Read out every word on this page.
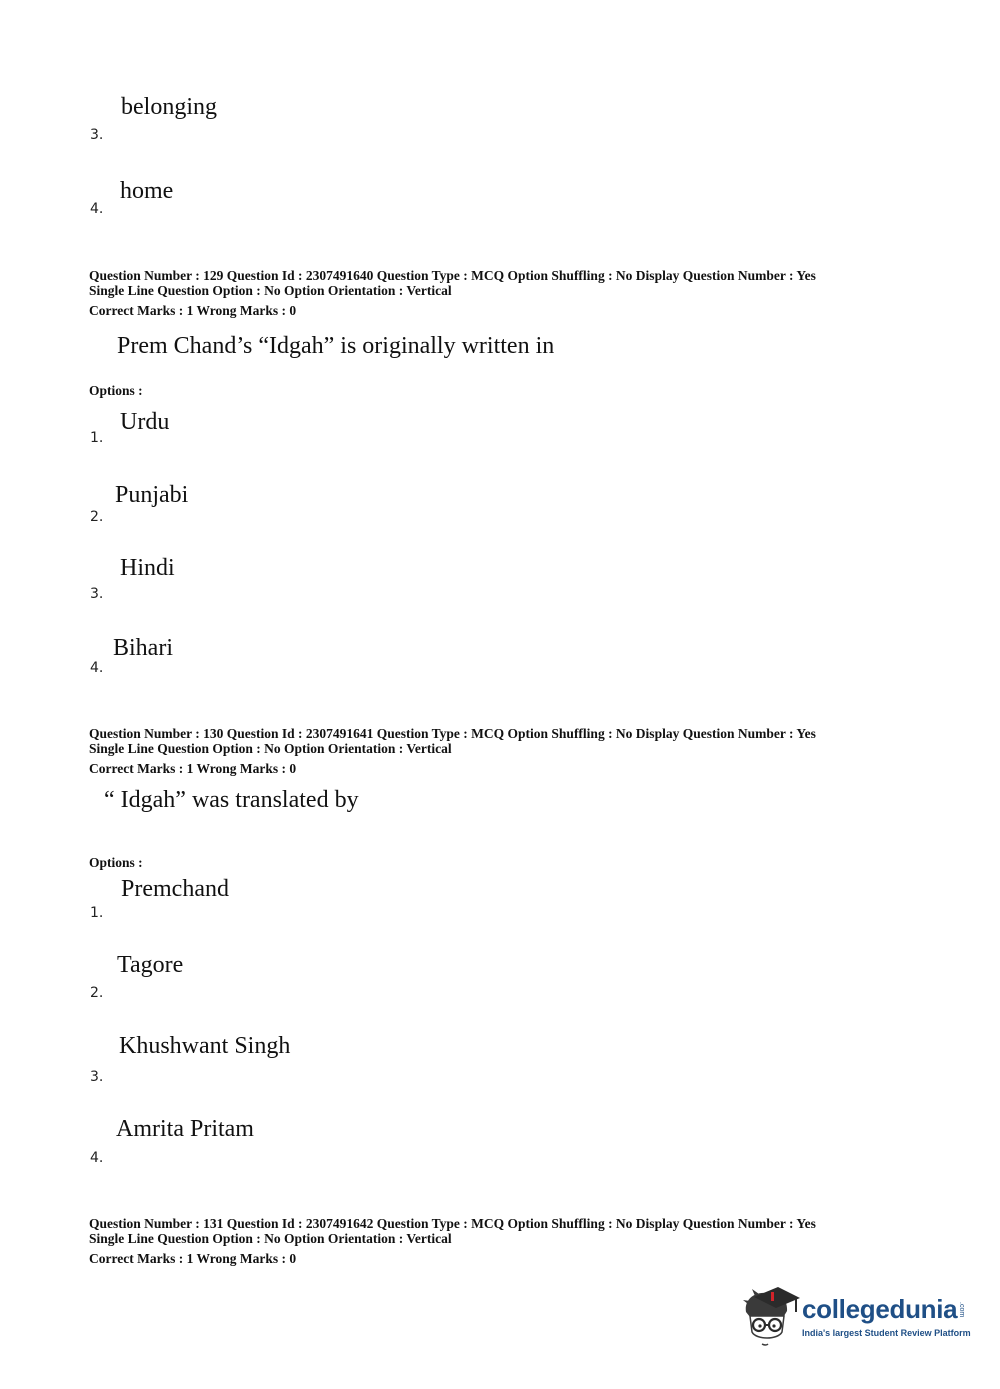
belonging
3.
home
4.
Question Number : 129 Question Id : 2307491640 Question Type : MCQ Option Shuffling : No Display Question Number : Yes
Single Line Question Option : No Option Orientation : Vertical
Correct Marks : 1 Wrong Marks : 0
Prem Chand’s “Idgah” is originally written in
Options :
Urdu
1.
Punjabi
2.
Hindi
3.
Bihari
4.
Question Number : 130 Question Id : 2307491641 Question Type : MCQ Option Shuffling : No Display Question Number : Yes
Single Line Question Option : No Option Orientation : Vertical
Correct Marks : 1 Wrong Marks : 0
“ Idgah” was translated by
Options :
Premchand
1.
Tagore
2.
Khushwant Singh
3.
Amrita Pritam
4.
Question Number : 131 Question Id : 2307491642 Question Type : MCQ Option Shuffling : No Display Question Number : Yes
Single Line Question Option : No Option Orientation : Vertical
Correct Marks : 1 Wrong Marks : 0
collegedunia .com
India's largest Student Review Platform
